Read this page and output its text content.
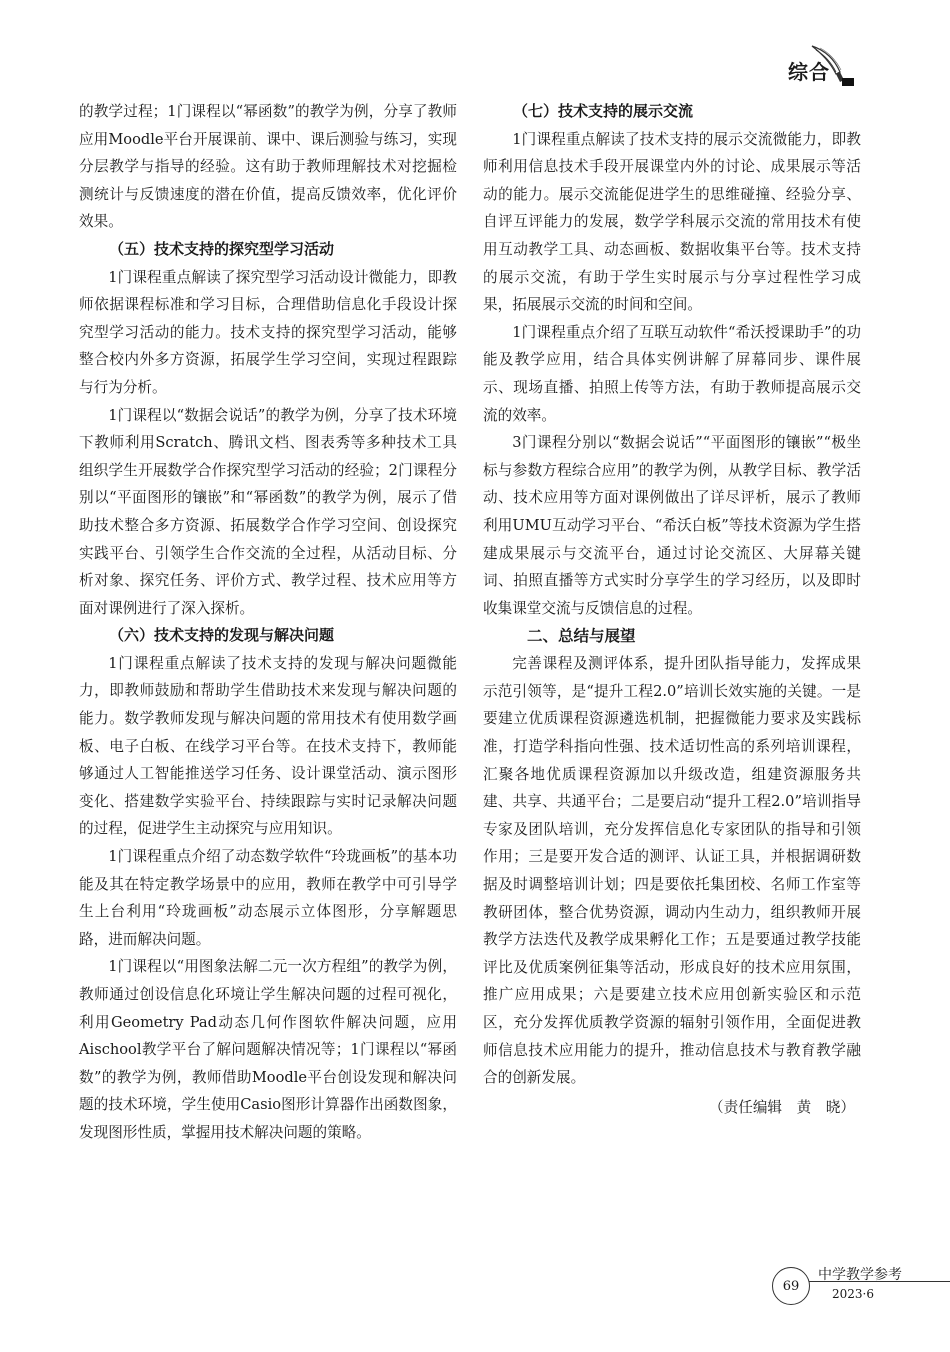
综合

的教学过程；1门课程以“幂函数”的教学为例，分享了教师应用Moodle平台开展课前、课中、课后测验与练习，实现分层教学与指导的经验。这有助于教师理解技术对挖掘检测统计与反馈速度的潜在价值，提高反馈效率，优化评价效果。

（五）技术支持的探究型学习活动

1门课程重点解读了探究型学习活动设计微能力，即教师依据课程标准和学习目标，合理借助信息化手段设计探究型学习活动的能力。技术支持的探究型学习活动，能够整合校内外多方资源，拓展学生学习空间，实现过程跟踪与行为分析。

1门课程以“数据会说话”的教学为例，分享了技术环境下教师利用Scratch、腾讯文档、图表秀等多种技术工具组织学生开展数学合作探究型学习活动的经验；2门课程分别以“平面图形的镶嵌”和“幂函数”的教学为例，展示了借助技术整合多方资源、拓展数学合作学习空间、创设探究实践平台、引领学生合作交流的全过程，从活动目标、分析对象、探究任务、评价方式、教学过程、技术应用等方面对课例进行了深入探析。

（六）技术支持的发现与解决问题

1门课程重点解读了技术支持的发现与解决问题微能力，即教师鼓励和帮助学生借助技术来发现与解决问题的能力。数学教师发现与解决问题的常用技术有使用数学画板、电子白板、在线学习平台等。在技术支持下，教师能够通过人工智能推送学习任务、设计课堂活动、演示图形变化、搭建数学实验平台、持续跟踪与实时记录解决问题的过程，促进学生主动探究与应用知识。

1门课程重点介绍了动态数学软件“玲珑画板”的基本功能及其在特定教学场景中的应用，教师在教学中可引导学生上台利用“玲珑画板”动态展示立体图形，分享解题思路，进而解决问题。

1门课程以“用图象法解二元一次方程组”的教学为例，教师通过创设信息化环境让学生解决问题的过程可视化，利用Geometry Pad动态几何作图软件解决问题，应用Aischool教学平台了解问题解决情况等；1门课程以“幂函数”的教学为例，教师借助Moodle平台创设发现和解决问题的技术环境，学生使用Casio图形计算器作出函数图象，发现图形性质，掌握用技术解决问题的策略。

（七）技术支持的展示交流

1门课程重点解读了技术支持的展示交流微能力，即教师利用信息技术手段开展课堂内外的讨论、成果展示等活动的能力。展示交流能促进学生的思维碰撞、经验分享、自评互评能力的发展，数学学科展示交流的常用技术有使用互动教学工具、动态画板、数据收集平台等。技术支持的展示交流，有助于学生实时展示与分享过程性学习成果，拓展展示交流的时间和空间。

1门课程重点介绍了互联互动软件“希沃授课助手”的功能及教学应用，结合具体实例讲解了屏幕同步、课件展示、现场直播、拍照上传等方法，有助于教师提高展示交流的效率。

3门课程分别以“数据会说话”“平面图形的镶嵌”“极坐标与参数方程综合应用”的教学为例，从教学目标、教学活动、技术应用等方面对课例做出了详尽评析，展示了教师利用UMU互动学习平台、“希沃白板”等技术资源为学生搭建成果展示与交流平台，通过讨论交流区、大屏幕关键词、拍照直播等方式实时分享学生的学习经历，以及即时收集课堂交流与反馈信息的过程。

二、总结与展望

完善课程及测评体系，提升团队指导能力，发挥成果示范引领等，是“提升工程2.0”培训长效实施的关键。一是要建立优质课程资源遴选机制，把握微能力要求及实践标准，打造学科指向性强、技术适切性高的系列培训课程，汇聚各地优质课程资源加以升级改造，组建资源服务共建、共享、共通平台；二是要启动“提升工程2.0”培训指导专家及团队培训，充分发挥信息化专家团队的指导和引领作用；三是要开发合适的测评、认证工具，并根据调研数据及时调整培训计划；四是要依托集团校、名师工作室等教研团体，整合优势资源，调动内生动力，组织教师开展教学方法迭代及教学成果孵化工作；五是要通过教学技能评比及优质案例征集等活动，形成良好的技术应用氛围，推广应用成果；六是要建立技术应用创新实验区和示范区，充分发挥优质教学资源的辐射引领作用，全面促进教师信息技术应用能力的提升，推动信息技术与教育教学融合的创新发展。

（责任编辑　黄　晓）
69
中学教学参考
2023·6
